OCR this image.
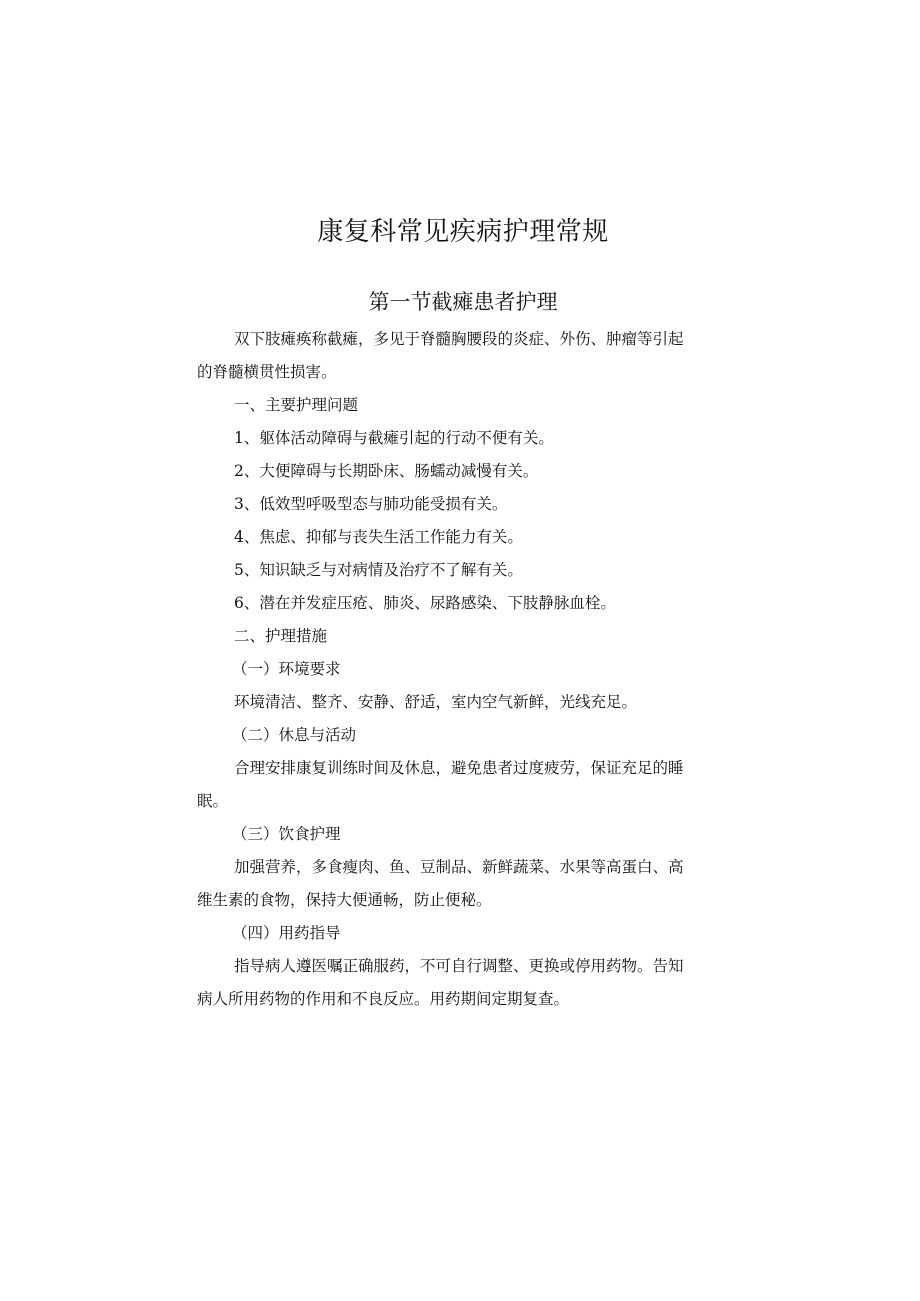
康复科常见疾病护理常规
第一节截瘫患者护理
双下肢瘫痪称截瘫，多见于脊髓胸腰段的炎症、外伤、肿瘤等引起
的脊髓横贯性损害。
一、主要护理问题
1、躯体活动障碍与截瘫引起的行动不便有关。
2、大便障碍与长期卧床、肠蠕动减慢有关。
3、低效型呼吸型态与肺功能受损有关。
4、焦虑、抑郁与丧失生活工作能力有关。
5、知识缺乏与对病情及治疗不了解有关。
6、潜在并发症压疮、肺炎、尿路感染、下肢静脉血栓。
二、护理措施
（一）环境要求
环境清洁、整齐、安静、舒适，室内空气新鲜，光线充足。
（二）休息与活动
合理安排康复训练时间及休息，避免患者过度疲劳，保证充足的睡
眠。
（三）饮食护理
加强营养，多食瘦肉、鱼、豆制品、新鲜蔬菜、水果等高蛋白、高
维生素的食物，保持大便通畅，防止便秘。
（四）用药指导
指导病人遵医嘱正确服药，不可自行调整、更换或停用药物。告知
病人所用药物的作用和不良反应。用药期间定期复查。
